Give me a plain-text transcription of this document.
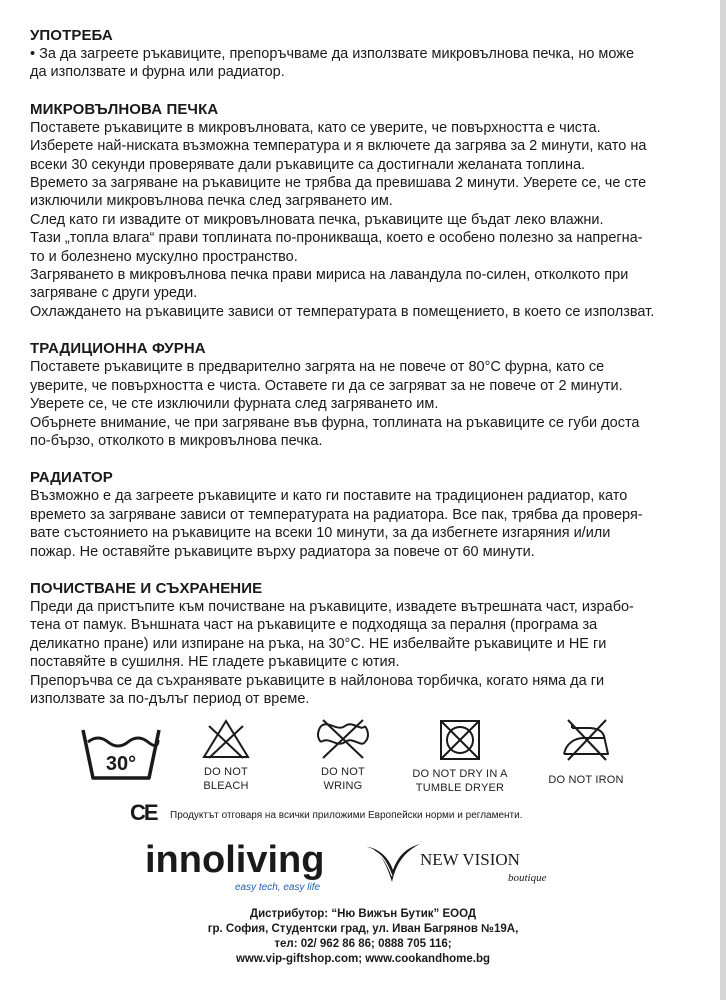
УПОТРЕБА

• За да загреете ръкавиците, препоръчваме да използвате микровълнова печка, но може

да използвате и фурна или радиатор.

МИКРОВЪЛНОВА ПЕЧКА

Поставете ръкавиците в микровълновата, като се уверите, че повърхността е чиста.

Изберете най-ниската възможна температура и я включете да загрява за 2 минути, като на

всеки 30 секунди проверявате дали ръкавиците са достигнали желаната топлина.

Времето за загряване на ръкавиците не трябва да превишава 2 минути. Уверете се, че сте

изключили микровълнова печка след загряването им.

След като ги извадите от микровълновата печка, ръкавиците ще бъдат леко влажни.

Тази „топла влага“ прави топлината по-проникваща, което е особено полезно за напрегна-

то и болезнено мускулно пространство.

Загряването в микровълнова печка прави мириса на лавандула по-силен, отколкото при

загряване с други уреди.

Охлаждането на ръкавиците зависи от температурата в помещението, в което се използват.

ТРАДИЦИОННА ФУРНА

Поставете ръкавиците в предварително загрята на не повече от 80°C фурна, като се

уверите, че повърхността е чиста. Оставете ги да се загряват за не повече от 2 минути.

Уверете се, че сте изключили фурната след загряването им.

Обърнете внимание, че при загряване във фурна, топлината на ръкавиците се губи доста

по-бързо, отколкото в микровълнова печка.

РАДИАТОР

Възможно е да загреете ръкавиците и като ги поставите на традиционен радиатор, като

времето за загряване зависи от температурата на радиатора. Все пак, трябва да проверя-

вате състоянието на ръкавиците на всеки 10 минути, за да избегнете изгаряния и/или

пожар. Не оставяйте ръкавиците върху радиатора за повече от 60 минути.

ПОЧИСТВАНЕ И СЪХРАНЕНИЕ

Преди да пристъпите към почистване на ръкавиците, извадете вътрешната част, израбо-

тена от памук. Външната част на ръкавиците е подходяща за пералня (програма за

деликатно пране) или изпиране на ръка, на 30°C. НЕ избелвайте ръкавиците и НЕ ги

поставяйте в сушилня. НЕ гладете ръкавиците с ютия.

Препоръчва се да съхранявате ръкавиците в найлонова торбичка, когато няма да ги

използвате за по-дълъг период от време.

30°	DO NOT
BLEACH
DO NOT
WRING
DO NOT DRY IN A
TUMBLE DRYER
DO NOT IRON
CE Продуктът отговаря на всички приложими Европейски норми и регламенти.
innoliving
easy tech, easy life
NEW VISION
boutique
Дистрибутор: “Ню Вижън Бутик” ЕООД
гр. София, Студентски град, ул. Иван Багрянов №19А,
тел: 02/ 962 86 86; 0888 705 116;
www.vip-giftshop.com; www.cookandhome.bg
